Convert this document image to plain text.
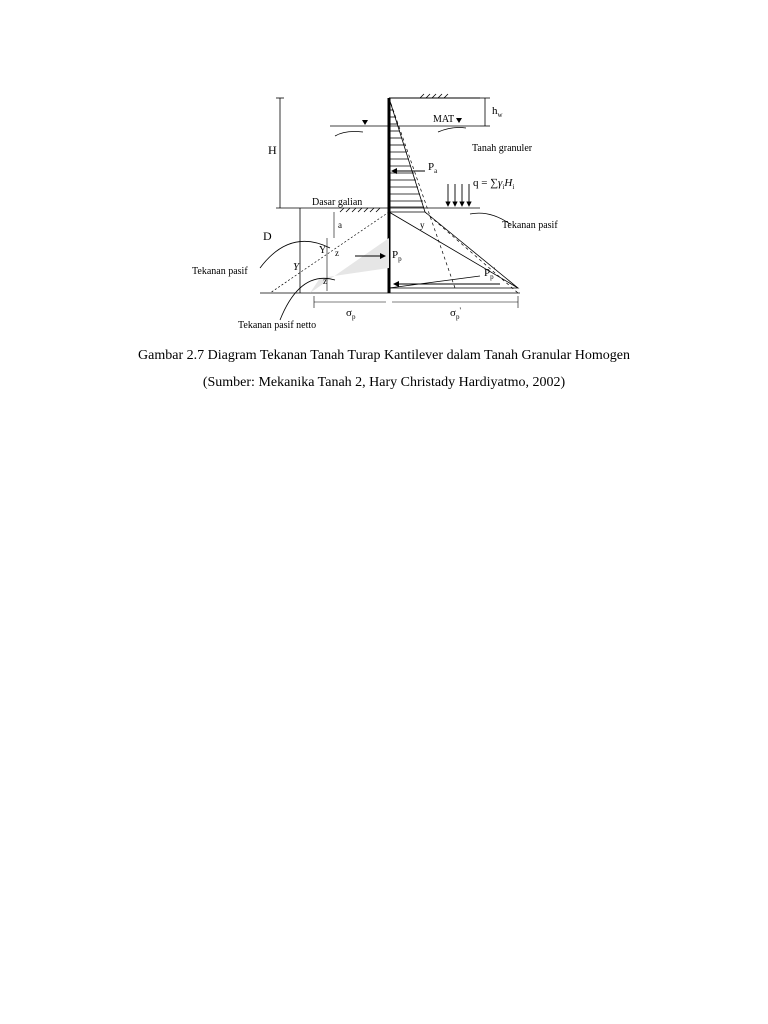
$h_w$
H
Dasar galian
D
$P_a$
$q = \sum\gamma_iH_i$
Tanah granuler
MAT
$P_p'$
y
a
$P_p$
Y
Y z
z
Tekanan pasif
Tekanan pasif
Tekanan pasif netto
$\sigma_p$	$\sigma_p'$
Gambar 2.7 Diagram Tekanan Tanah Turap Kantilever dalam Tanah Granular Homogen
(Sumber: Mekanika Tanah 2, Hary Christady Hardiyatmo, 2002)
